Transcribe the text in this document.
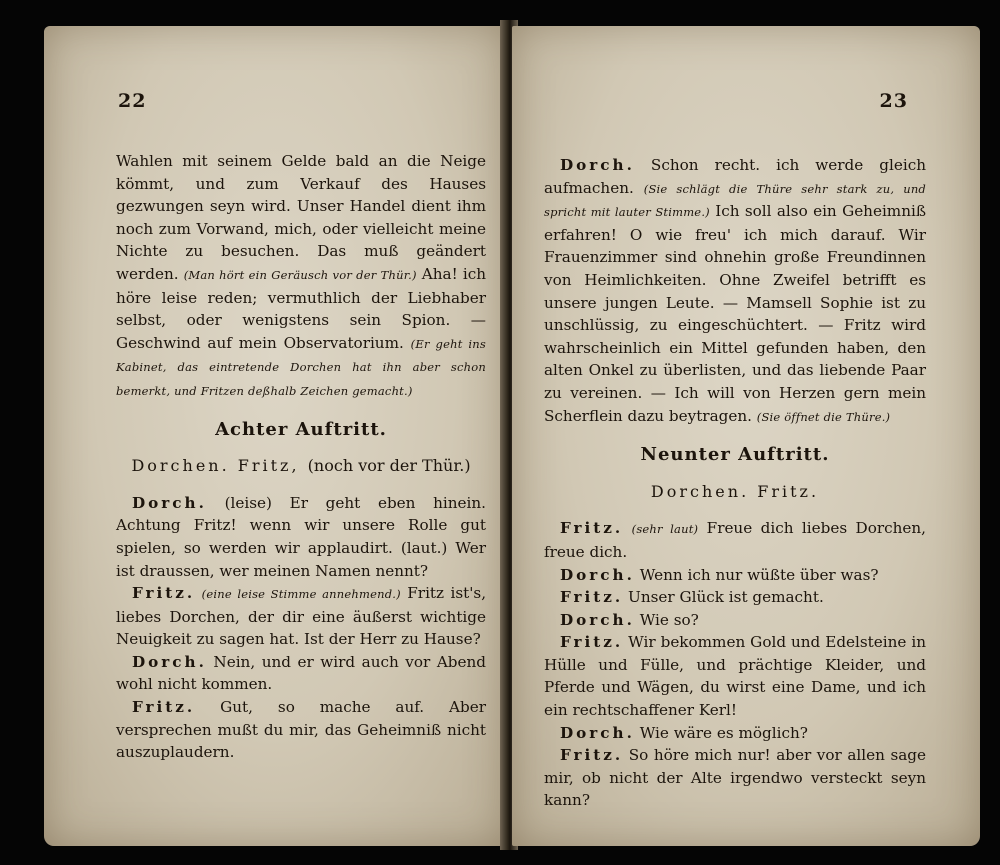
22

Wahlen mit seinem Gelde bald an die Neige kömmt, und zum Verkauf des Hauses gezwungen seyn wird. Unser Handel dient ihm noch zum Vorwand, mich, oder vielleicht meine Nichte zu besuchen. Das muß geändert werden. (Man hört ein Geräusch vor der Thür.) Aha! ich höre leise reden; vermuthlich der Liebhaber selbst, oder wenigstens sein Spion. — Geschwind auf mein Observatorium. (Er geht ins Kabinet, das eintretende Dorchen hat ihn aber schon bemerkt, und Fritzen deßhalb Zeichen gemacht.)

Achter Auftritt.
Dorchen. Fritz, (noch vor der Thür.)

Dorch. (leise) Er geht eben hinein. Achtung Fritz! wenn wir unsere Rolle gut spielen, so werden wir applaudirt. (laut.) Wer ist draussen, wer meinen Namen nennt?

Fritz. (eine leise Stimme annehmend.) Fritz ist's, liebes Dorchen, der dir eine äußerst wichtige Neuigkeit zu sagen hat. Ist der Herr zu Hause?

Dorch. Nein, und er wird auch vor Abend wohl nicht kommen.

Fritz. Gut, so mache auf. Aber versprechen mußt du mir, das Geheimniß nicht auszuplaudern.

23

Dorch. Schon recht. ich werde gleich aufmachen. (Sie schlägt die Thüre sehr stark zu, und spricht mit lauter Stimme.) Ich soll also ein Geheimniß erfahren! O wie freu' ich mich darauf. Wir Frauenzimmer sind ohnehin große Freundinnen von Heimlichkeiten. Ohne Zweifel betrifft es unsere jungen Leute. — Mamsell Sophie ist zu unschlüssig, zu eingeschüchtert. — Fritz wird wahrscheinlich ein Mittel gefunden haben, den alten Onkel zu überlisten, und das liebende Paar zu vereinen. — Ich will von Herzen gern mein Scherflein dazu beytragen. (Sie öffnet die Thüre.)

Neunter Auftritt.
Dorchen. Fritz.

Fritz. (sehr laut) Freue dich liebes Dorchen, freue dich.

Dorch. Wenn ich nur wüßte über was?

Fritz. Unser Glück ist gemacht.

Dorch. Wie so?

Fritz. Wir bekommen Gold und Edelsteine in Hülle und Fülle, und prächtige Kleider, und Pferde und Wägen, du wirst eine Dame, und ich ein rechtschaffener Kerl!

Dorch. Wie wäre es möglich?

Fritz. So höre mich nur! aber vor allen sage mir, ob nicht der Alte irgendwo versteckt seyn kann?
